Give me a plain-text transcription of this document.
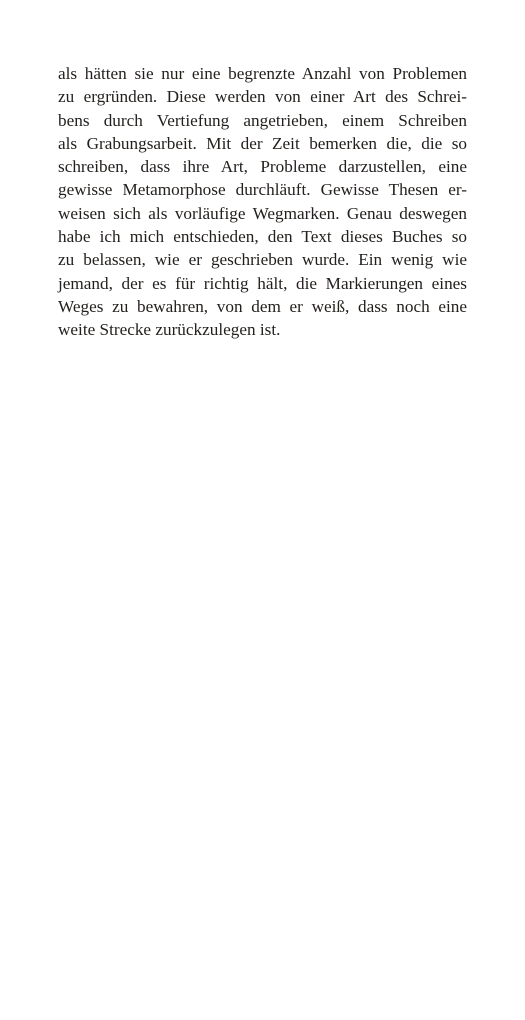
als hätten sie nur eine begrenzte Anzahl von Problemen
zu ergründen. Diese werden von einer Art des Schrei-
bens durch Vertiefung angetrieben, einem Schreiben
als Grabungsarbeit. Mit der Zeit bemerken die, die so
schreiben, dass ihre Art, Probleme darzustellen, eine
gewisse Metamorphose durchläuft. Gewisse Thesen er-
weisen sich als vorläufige Wegmarken. Genau deswegen
habe ich mich entschieden, den Text dieses Buches so
zu belassen, wie er geschrieben wurde. Ein wenig wie
jemand, der es für richtig hält, die Markierungen eines
Weges zu bewahren, von dem er weiß, dass noch eine
weite Strecke zurückzulegen ist.
